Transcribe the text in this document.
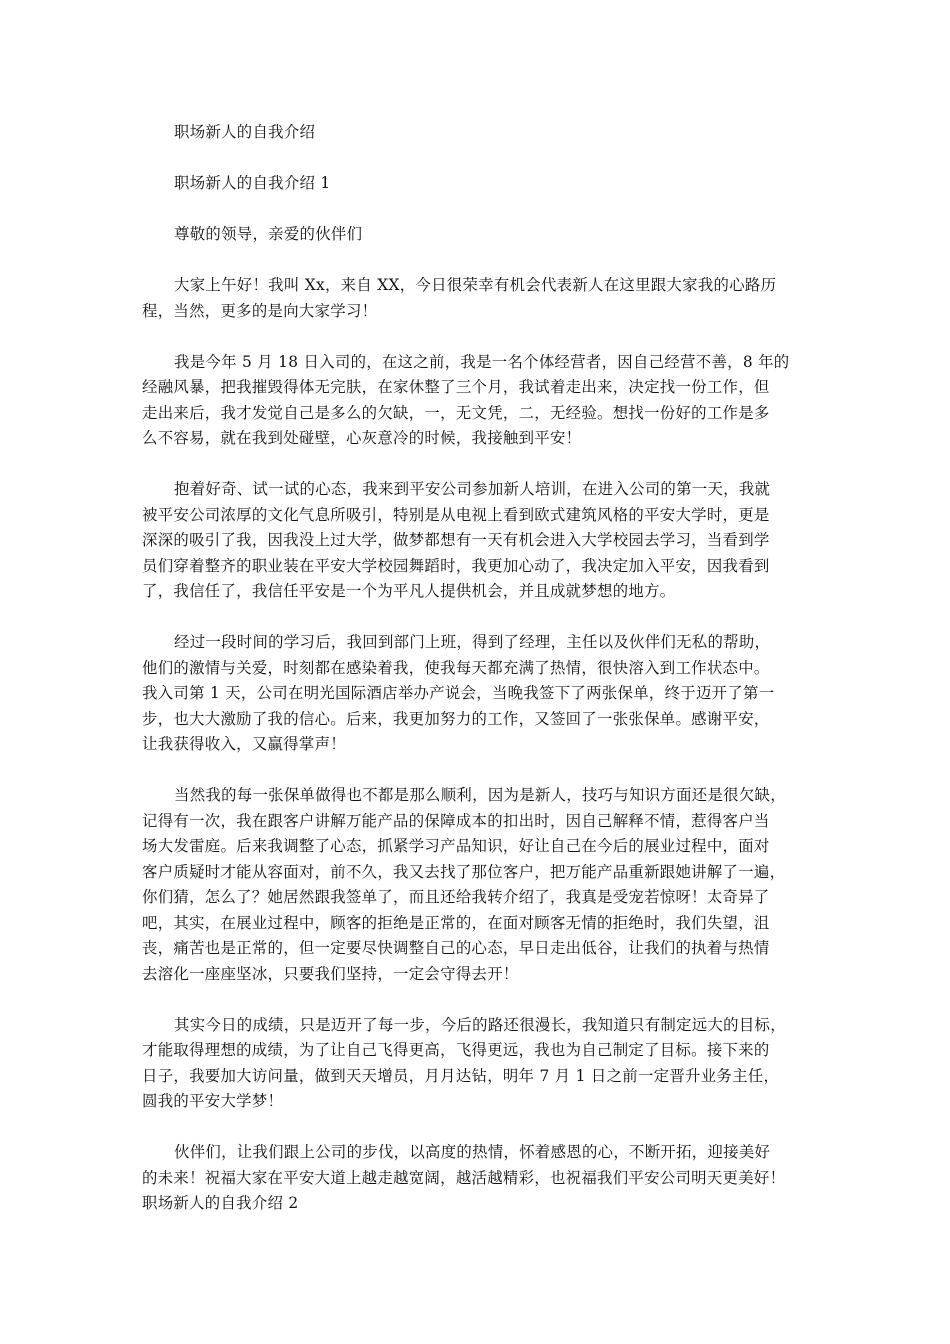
职场新人的自我介绍

职场新人的自我介绍 1

尊敬的领导，亲爱的伙伴们

大家上午好！我叫 Xx，来自 XX，今日很荣幸有机会代表新人在这里跟大家我的心路历

程，当然，更多的是向大家学习！

我是今年 5 月 18 日入司的，在这之前，我是一名个体经营者，因自己经营不善，8 年的

经融风暴，把我摧毁得体无完肤，在家休整了三个月，我试着走出来，决定找一份工作，但

走出来后，我才发觉自己是多么的欠缺，一，无文凭，二，无经验。想找一份好的工作是多

么不容易，就在我到处碰壁，心灰意冷的时候，我接触到平安！

抱着好奇、试一试的心态，我来到平安公司参加新人培训，在进入公司的第一天，我就

被平安公司浓厚的文化气息所吸引，特别是从电视上看到欧式建筑风格的平安大学时，更是

深深的吸引了我，因我没上过大学，做梦都想有一天有机会进入大学校园去学习，当看到学

员们穿着整齐的职业装在平安大学校园舞蹈时，我更加心动了，我决定加入平安，因我看到

了，我信任了，我信任平安是一个为平凡人提供机会，并且成就梦想的地方。

经过一段时间的学习后，我回到部门上班，得到了经理，主任以及伙伴们无私的帮助，

他们的激情与关爱，时刻都在感染着我，使我每天都充满了热情，很快溶入到工作状态中。

我入司第 1 天，公司在明光国际酒店举办产说会，当晚我签下了两张保单，终于迈开了第一

步，也大大激励了我的信心。后来，我更加努力的工作，又签回了一张张保单。感谢平安，

让我获得收入，又赢得掌声！

当然我的每一张保单做得也不都是那么顺利，因为是新人，技巧与知识方面还是很欠缺，

记得有一次，我在跟客户讲解万能产品的保障成本的扣出时，因自己解释不情，惹得客户当

场大发雷庭。后来我调整了心态，抓紧学习产品知识，好让自己在今后的展业过程中，面对

客户质疑时才能从容面对，前不久，我又去找了那位客户，把万能产品重新跟她讲解了一遍，

你们猜，怎么了？她居然跟我签单了，而且还给我转介绍了，我真是受宠若惊呀！太奇异了

吧，其实，在展业过程中，顾客的拒绝是正常的，在面对顾客无情的拒绝时，我们失望，沮

丧，痛苦也是正常的，但一定要尽快调整自己的心态，早日走出低谷，让我们的执着与热情

去溶化一座座坚冰，只要我们坚持，一定会守得去开！

其实今日的成绩，只是迈开了每一步，今后的路还很漫长，我知道只有制定远大的目标，

才能取得理想的成绩，为了让自己飞得更高，飞得更远，我也为自己制定了目标。接下来的

日子，我要加大访问量，做到天天增员，月月达钻，明年 7 月 1 日之前一定晋升业务主任，

圆我的平安大学梦！

伙伴们，让我们跟上公司的步伐，以高度的热情，怀着感恩的心，不断开拓，迎接美好

的未来！祝福大家在平安大道上越走越宽阔，越活越精彩，也祝福我们平安公司明天更美好！

职场新人的自我介绍 2
